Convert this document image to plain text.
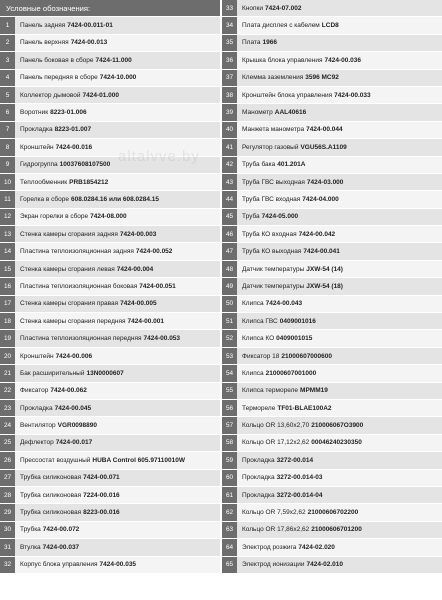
Условные обозначения:
1	Панель задняя 7424-00.011-01
2	Панель верхняя 7424-00.013
3	Панель боковая в сборе 7424-11.000
4	Панель передняя в сборе 7424-10.000
5	Коллектор дымовой 7424-01.000
6	Воротник 8223-01.006
7	Прокладка 8223-01.007
8	Кронштейн 7424-00.016
9	Гидрогруппа 10037608107500
10	Теплообменник PRB1854212
11	Горелка в сборе 608.0284.16 или 608.0284.15
12	Экран горелки в сборе 7424-08.000
13	Стенка камеры сгорания задняя 7424-00.003
14	Пластина теплоизоляционная задняя 7424-00.052
15	Стенка камеры сгорания левая 7424-00.004
16	Пластина теплоизоляционная боковая 7424-00.051
17	Стенка камеры сгорания правая 7424-00.005
18	Стенка камеры сгорания передняя 7424-00.001
19	Пластина теплоизоляционная передняя 7424-00.053
20	Кронштейн 7424-00.006
21	Бак расширительный 13N0000607
22	Фиксатор 7424-00.062
23	Прокладка 7424-00.045
24	Вентилятор VGR0098890
25	Дефлектор 7424-00.017
26	Прессостат воздушный HUBA Control 605.97110010W
27	Трубка силиконовая 7424-00.071
28	Трубка силиконовая 7224-00.016
29	Трубка силиконовая 8223-00.016
30	Трубка 7424-00.072
31	Втулка 7424-00.037
32	Корпус блока управления 7424-00.035
33	Кнопки 7424-07.002
34	Плата дисплея с кабелем LCD8
35	Плата 1966
36	Крышка блока управления 7424-00.036
37	Клемма заземления 3596 MC92
38	Кронштейн блока управления 7424-00.033
39	Манометр AAL40616
40	Манжета манометра 7424-00.044
41	Регулятор газовый VGU56S.A1109
42	Труба бака 401.201A
43	Труба ГВС выходная 7424-03.000
44	Труба ГВС входная 7424-04.000
45	Труба 7424-05.000
46	Труба КО входная 7424-00.042
47	Труба КО выходная 7424-00.041
48	Датчик температуры JXW-54 (14)
49	Датчик температуры JXW-54 (18)
50	Клипса 7424-00.043
51	Клипса ГВС 0409001016
52	Клипса КО 0409001015
53	Фиксатор 18 21000607000600
54	Клипса 21000607001000
55	Клипса термореле MPMM19
56	Термореле TF01-BLAE100A2
57	Кольцо OR 13,60x2,70 210006067O3900
58	Кольцо OR 17,12x2,62 00046240230350
59	Прокладка 3272-00.014
60	Прокладка 3272-00.014-03
61	Прокладка 3272-00.014-04
62	Кольцо OR 7,59x2,62 21000606702200
63	Кольцо OR 17,86x2,62 21000606701200
64	Электрод розжига 7424-02.020
65	Электрод ионизации 7424-02.010
altalvve.by
